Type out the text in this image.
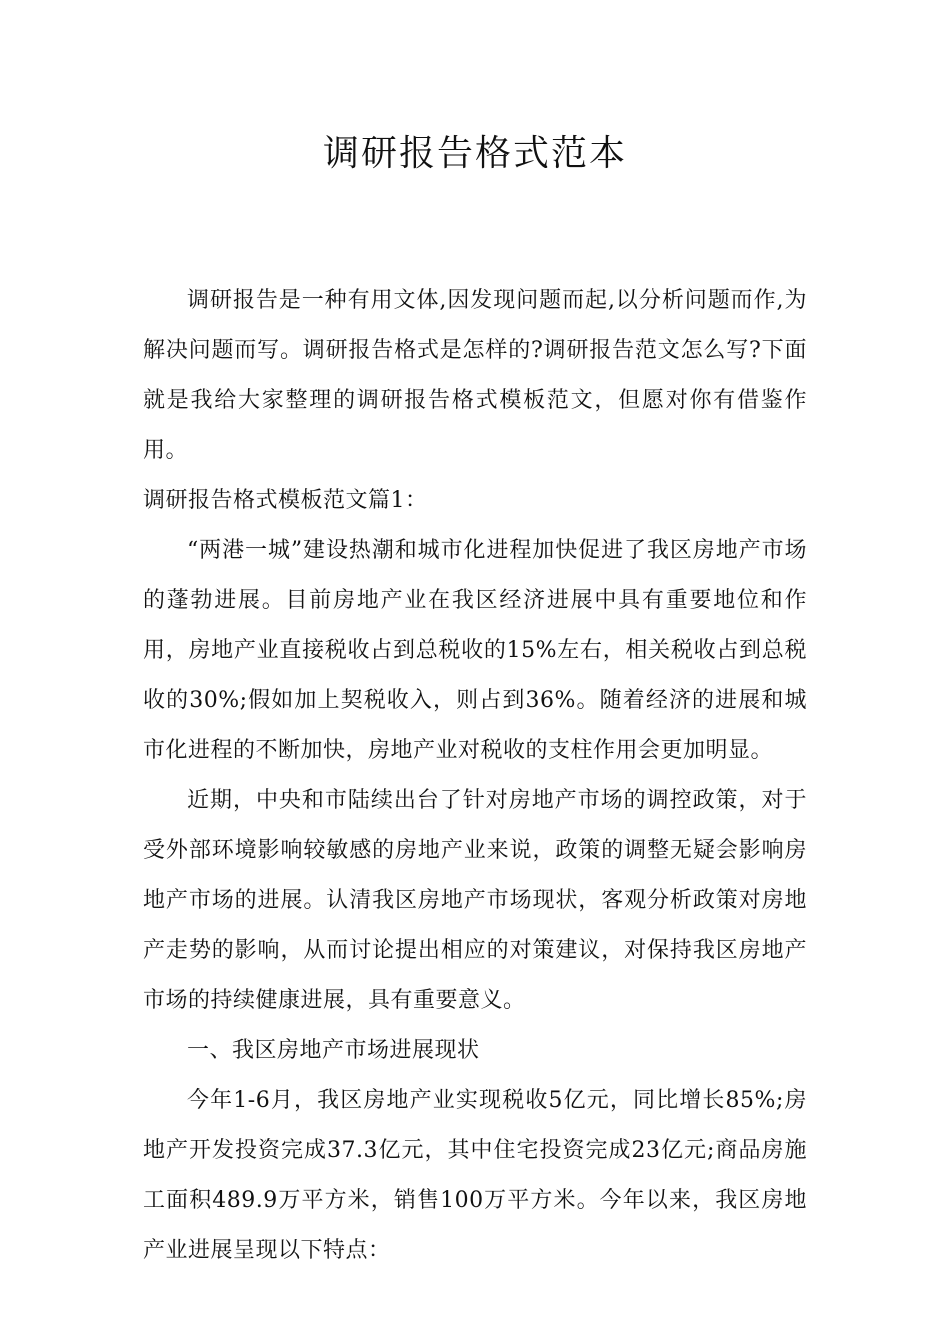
调研报告格式范本

调研报告是一种有用文体,因发现问题而起,以分析问题而作,为解决问题而写。调研报告格式是怎样的?调研报告范文怎么写?下面就是我给大家整理的调研报告格式模板范文，但愿对你有借鉴作用。

调研报告格式模板范文篇1：

“两港一城”建设热潮和城市化进程加快促进了我区房地产市场的蓬勃进展。目前房地产业在我区经济进展中具有重要地位和作用，房地产业直接税收占到总税收的15%左右，相关税收占到总税收的30%;假如加上契税收入，则占到36%。随着经济的进展和城市化进程的不断加快，房地产业对税收的支柱作用会更加明显。

近期，中央和市陆续出台了针对房地产市场的调控政策，对于受外部环境影响较敏感的房地产业来说，政策的调整无疑会影响房地产市场的进展。认清我区房地产市场现状，客观分析政策对房地产走势的影响，从而讨论提出相应的对策建议，对保持我区房地产市场的持续健康进展，具有重要意义。

一、我区房地产市场进展现状

今年1-6月，我区房地产业实现税收5亿元，同比增长85%;房地产开发投资完成37.3亿元，其中住宅投资完成23亿元;商品房施工面积489.9万平方米，销售100万平方米。今年以来，我区房地产业进展呈现以下特点：
